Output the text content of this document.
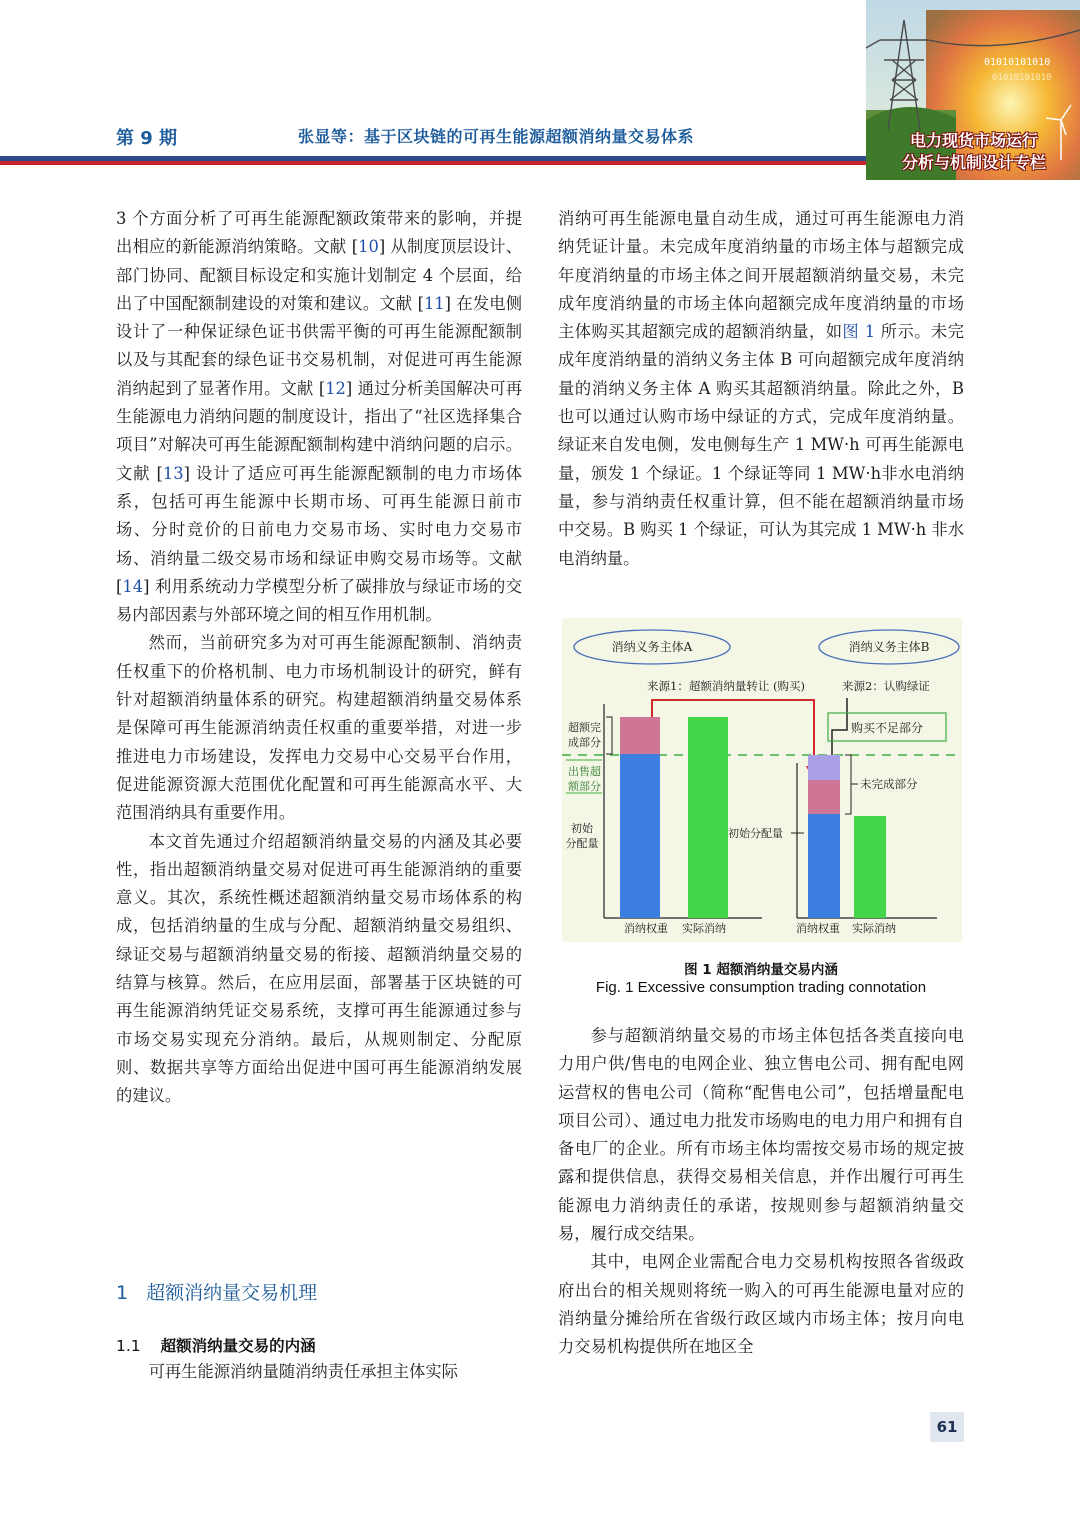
第 9 期	张显等：基于区块链的可再生能源超额消纳量交易体系
01010101010
01010101010
电力现货市场运行
分析与机制设计专栏

3 个方面分析了可再生能源配额政策带来的影响，并提出相应的新能源消纳策略。文献 [10] 从制度顶层设计、部门协同、配额目标设定和实施计划制定 4 个层面，给出了中国配额制建设的对策和建议。文献 [11] 在发电侧设计了一种保证绿色证书供需平衡的可再生能源配额制以及与其配套的绿色证书交易机制，对促进可再生能源消纳起到了显著作用。文献 [12] 通过分析美国解决可再生能源电力消纳问题的制度设计，指出了“社区选择集合项目”对解决可再生能源配额制构建中消纳问题的启示。文献 [13] 设计了适应可再生能源配额制的电力市场体系，包括可再生能源中长期市场、可再生能源日前市场、分时竞价的日前电力交易市场、实时电力交易市场、消纳量二级交易市场和绿证申购交易市场等。文献 [14] 利用系统动力学模型分析了碳排放与绿证市场的交易内部因素与外部环境之间的相互作用机制。

然而，当前研究多为对可再生能源配额制、消纳责任权重下的价格机制、电力市场机制设计的研究，鲜有针对超额消纳量体系的研究。构建超额消纳量交易体系是保障可再生能源消纳责任权重的重要举措，对进一步推进电力市场建设，发挥电力交易中心交易平台作用，促进能源资源大范围优化配置和可再生能源高水平、大范围消纳具有重要作用。

本文首先通过介绍超额消纳量交易的内涵及其必要性，指出超额消纳量交易对促进可再生能源消纳的重要意义。其次，系统性概述超额消纳量交易市场体系的构成，包括消纳量的生成与分配、超额消纳量交易组织、绿证交易与超额消纳量交易的衔接、超额消纳量交易的结算与核算。然后，在应用层面，部署基于区块链的可再生能源消纳凭证交易系统，支撑可再生能源通过参与市场交易实现充分消纳。最后，从规则制定、分配原则、数据共享等方面给出促进中国可再生能源消纳发展的建议。

1 超额消纳量交易机理
1.1 超额消纳量交易的内涵

可再生能源消纳量随消纳责任承担主体实际

消纳可再生能源电量自动生成，通过可再生能源电力消纳凭证计量。未完成年度消纳量的市场主体与超额完成年度消纳量的市场主体之间开展超额消纳量交易，未完成年度消纳量的市场主体向超额完成年度消纳量的市场主体购买其超额完成的超额消纳量，如图 1 所示。未完成年度消纳量的消纳义务主体 B 可向超额完成年度消纳量的消纳义务主体 A 购买其超额消纳量。除此之外，B 也可以通过认购市场中绿证的方式，完成年度消纳量。绿证来自发电侧，发电侧每生产 1 MW·h 可再生能源电量，颁发 1 个绿证。1 个绿证等同 1 MW·h非水电消纳量，参与消纳责任权重计算，但不能在超额消纳量市场中交易。B 购买 1 个绿证，可认为其完成 1 MW·h 非水电消纳量。

消纳义务主体A	消纳义务主体B
来源1：超额消纳量转让 (购买)	来源2：认购绿证
超额完
成部分
出售超
额部分
初始
分配量
初始分配量
购买不足部分
未完成部分
消纳权重 实际消纳	消纳权重 实际消纳
图 1 超额消纳量交易内涵
Fig. 1 Excessive consumption trading connotation

参与超额消纳量交易的市场主体包括各类直接向电力用户供/售电的电网企业、独立售电公司、拥有配电网运营权的售电公司（简称“配售电公司”，包括增量配电项目公司）、通过电力批发市场购电的电力用户和拥有自备电厂的企业。所有市场主体均需按交易市场的规定披露和提供信息，获得交易相关信息，并作出履行可再生能源电力消纳责任的承诺，按规则参与超额消纳量交易，履行成交结果。

其中，电网企业需配合电力交易机构按照各省级政府出台的相关规则将统一购入的可再生能源电量对应的消纳量分摊给所在省级行政区域内市场主体；按月向电力交易机构提供所在地区全

61
